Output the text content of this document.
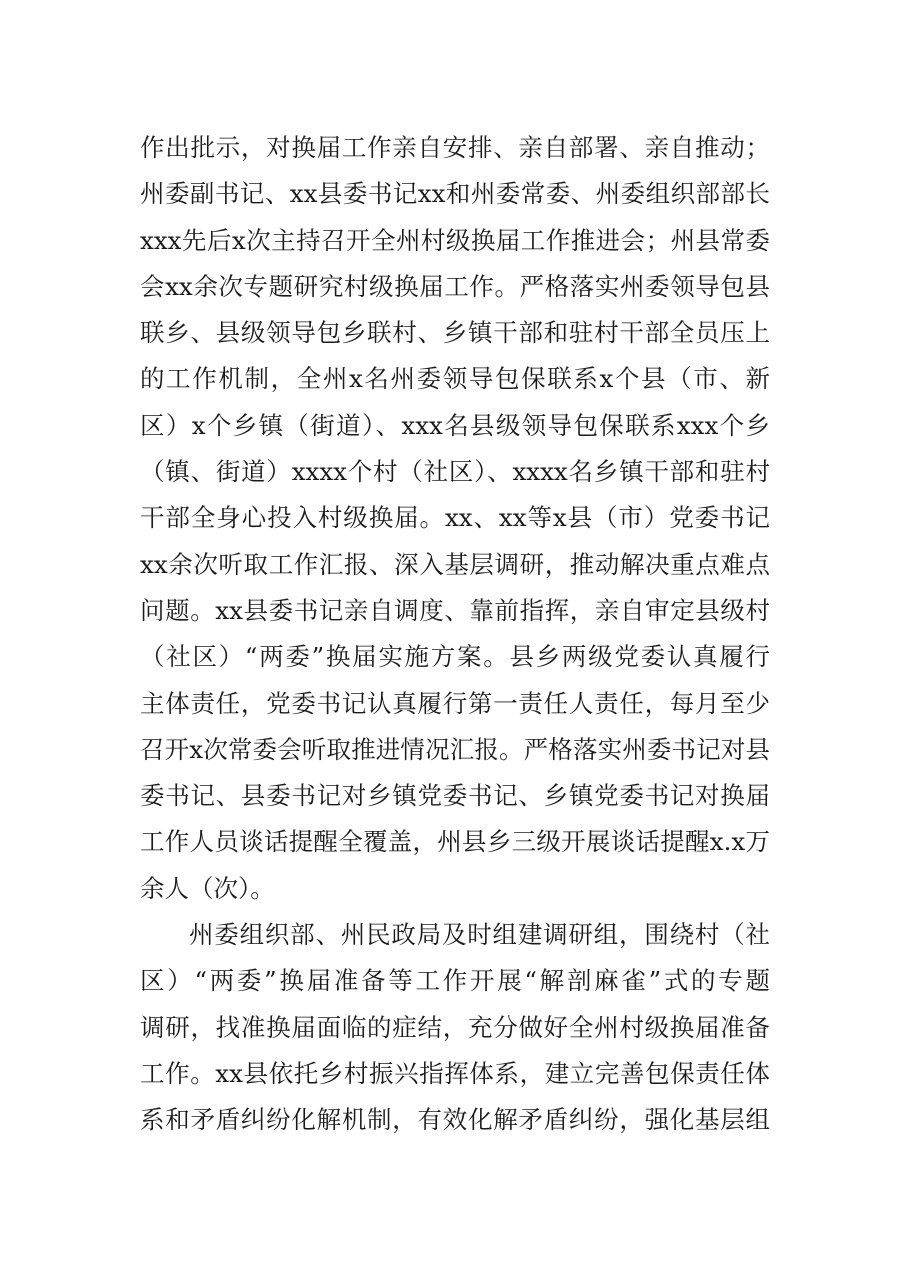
作出批示，对换届工作亲自安排、亲自部署、亲自推动；
州委副书记、xx县委书记xx和州委常委、州委组织部部长
xxx先后x次主持召开全州村级换届工作推进会；州县常委
会xx余次专题研究村级换届工作。严格落实州委领导包县
联乡、县级领导包乡联村、乡镇干部和驻村干部全员压上
的工作机制，全州x名州委领导包保联系x个县（市、新
区）x个乡镇（街道）、xxx名县级领导包保联系xxx个乡
（镇、街道）xxxx个村（社区）、xxxx名乡镇干部和驻村
干部全身心投入村级换届。xx、xx等x县（市）党委书记
xx余次听取工作汇报、深入基层调研，推动解决重点难点
问题。xx县委书记亲自调度、靠前指挥，亲自审定县级村
（社区）“两委”换届实施方案。县乡两级党委认真履行
主体责任，党委书记认真履行第一责任人责任，每月至少
召开x次常委会听取推进情况汇报。严格落实州委书记对县
委书记、县委书记对乡镇党委书记、乡镇党委书记对换届
工作人员谈话提醒全覆盖，州县乡三级开展谈话提醒x.x万
余人（次）。
州委组织部、州民政局及时组建调研组，围绕村（社
区）“两委”换届准备等工作开展“解剖麻雀”式的专题
调研，找准换届面临的症结，充分做好全州村级换届准备
工作。xx县依托乡村振兴指挥体系，建立完善包保责任体
系和矛盾纠纷化解机制，有效化解矛盾纠纷，强化基层组
